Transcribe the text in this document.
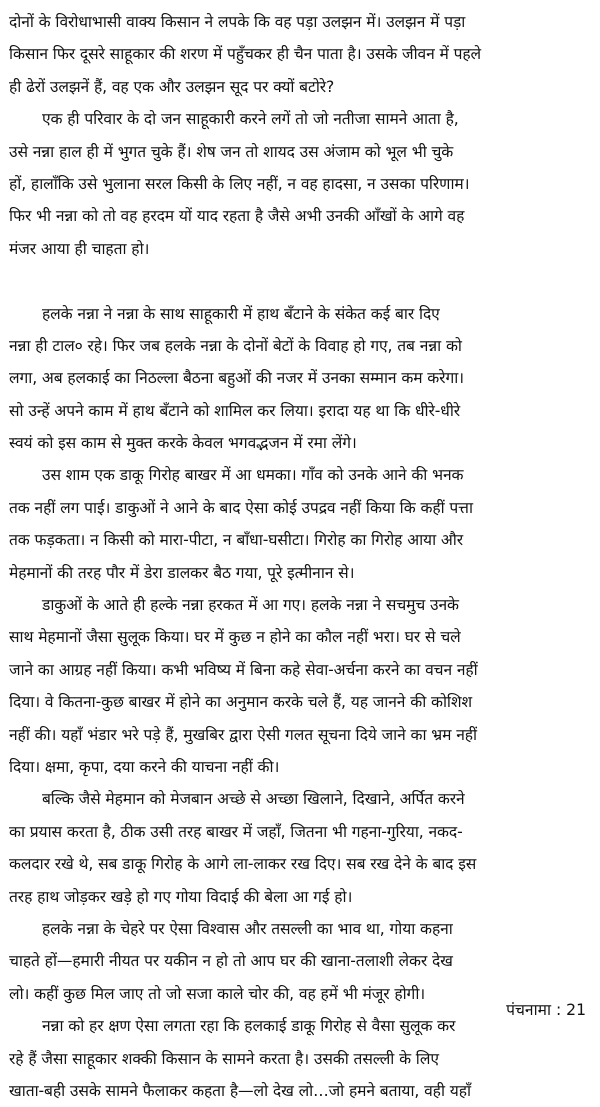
दोनों के विरोधाभासी वाक्य किसान ने लपके कि वह पड़ा उलझन में। उलझन में पड़ा
किसान फिर दूसरे साहूकार की शरण में पहुँचकर ही चैन पाता है। उसके जीवन में पहले
ही ढेरों उलझनें हैं, वह एक और उलझन सूद पर क्यों बटोरे?
एक ही परिवार के दो जन साहूकारी करने लगें तो जो नतीजा सामने आता है,
उसे नन्ना हाल ही में भुगत चुके हैं। शेष जन तो शायद उस अंजाम को भूल भी चुके
हों, हालाँकि उसे भुलाना सरल किसी के लिए नहीं, न वह हादसा, न उसका परिणाम।
फिर भी नन्ना को तो वह हरदम यों याद रहता है जैसे अभी उनकी आँखों के आगे वह
मंजर आया ही चाहता हो।
हलके नन्ना ने नन्ना के साथ साहूकारी में हाथ बँटाने के संकेत कई बार दिए
नन्ना ही टाल० रहे। फिर जब हलके नन्ना के दोनों बेटों के विवाह हो गए, तब नन्ना को
लगा, अब हलकाई का निठल्ला बैठना बहुओं की नजर में उनका सम्मान कम करेगा।
सो उन्हें अपने काम में हाथ बँटाने को शामिल कर लिया। इरादा यह था कि धीरे-धीरे
स्वयं को इस काम से मुक्त करके केवल भगवद्भजन में रमा लेंगे।
उस शाम एक डाकू गिरोह बाखर में आ धमका। गाँव को उनके आने की भनक
तक नहीं लग पाई। डाकुओं ने आने के बाद ऐसा कोई उपद्रव नहीं किया कि कहीं पत्ता
तक फड़कता। न किसी को मारा-पीटा, न बाँधा-घसीटा। गिरोह का गिरोह आया और
मेहमानों की तरह पौर में डेरा डालकर बैठ गया, पूरे इत्मीनान से।
डाकुओं के आते ही हल्के नन्ना हरकत में आ गए। हलके नन्ना ने सचमुच उनके
साथ मेहमानों जैसा सुलूक किया। घर में कुछ न होने का कौल नहीं भरा। घर से चले
जाने का आग्रह नहीं किया। कभी भविष्य में बिना कहे सेवा-अर्चना करने का वचन नहीं
दिया। वे कितना-कुछ बाखर में होने का अनुमान करके चले हैं, यह जानने की कोशिश
नहीं की। यहाँ भंडार भरे पड़े हैं, मुखबिर द्वारा ऐसी गलत सूचना दिये जाने का भ्रम नहीं
दिया। क्षमा, कृपा, दया करने की याचना नहीं की।
बल्कि जैसे मेहमान को मेजबान अच्छे से अच्छा खिलाने, दिखाने, अर्पित करने
का प्रयास करता है, ठीक उसी तरह बाखर में जहाँ, जितना भी गहना-गुरिया, नकद-
कलदार रखे थे, सब डाकू गिरोह के आगे ला-लाकर रख दिए। सब रख देने के बाद इस
तरह हाथ जोड़कर खड़े हो गए गोया विदाई की बेला आ गई हो।
हलके नन्ना के चेहरे पर ऐसा विश्वास और तसल्ली का भाव था, गोया कहना
चाहते हों—हमारी नीयत पर यकीन न हो तो आप घर की खाना-तलाशी लेकर देख
लो। कहीं कुछ मिल जाए तो जो सजा काले चोर की, वह हमें भी मंजूर होगी।
नन्ना को हर क्षण ऐसा लगता रहा कि हलकाई डाकू गिरोह से वैसा सुलूक कर
रहे हैं जैसा साहूकार शक्की किसान के सामने करता है। उसकी तसल्ली के लिए
खाता-बही उसके सामने फैलाकर कहता है—लो देख लो…जो हमने बताया, वही यहाँ
पंचनामा : 21
